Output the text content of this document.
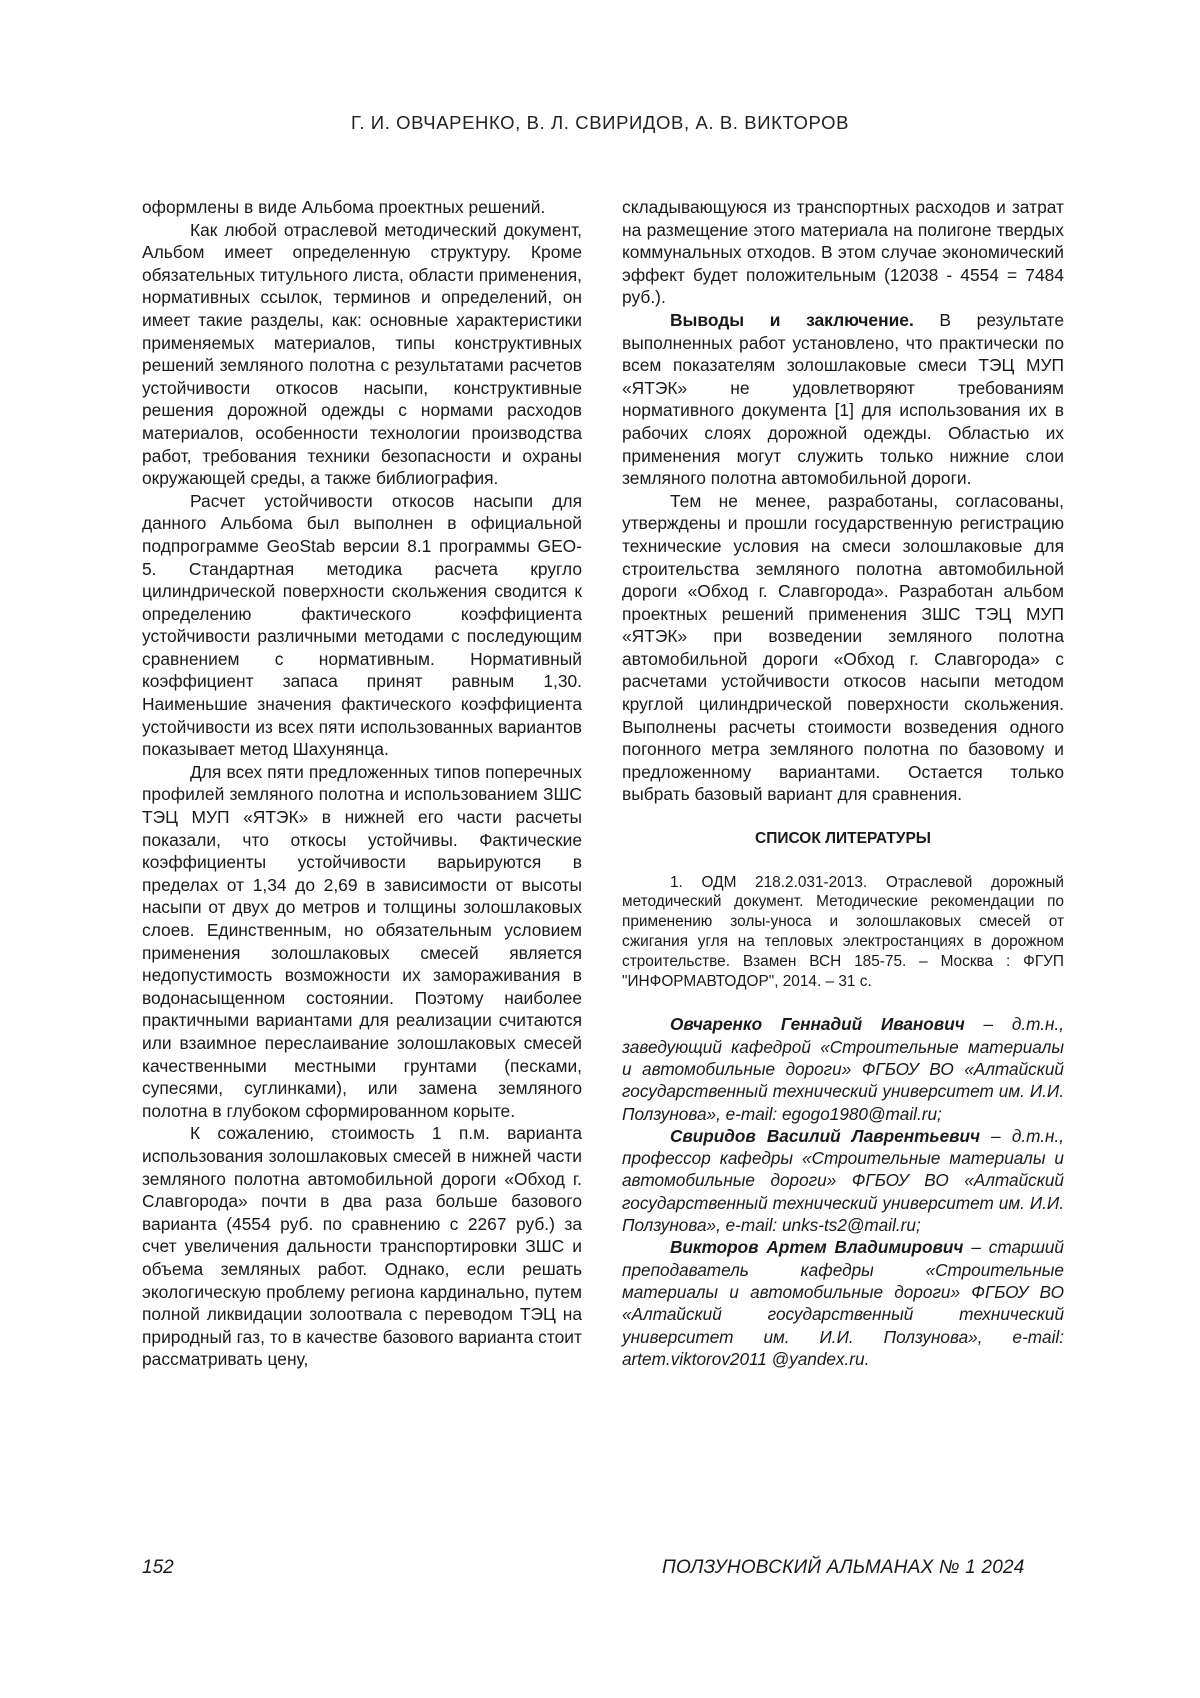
Г. И. ОВЧАРЕНКО, В. Л. СВИРИДОВ, А. В. ВИКТОРОВ

оформлены в виде Альбома проектных решений.

Как любой отраслевой методический документ, Альбом имеет определенную структуру. Кроме обязательных титульного листа, области применения, нормативных ссылок, терминов и определений, он имеет такие разделы, как: основные характеристики применяемых материалов, типы конструктивных решений земляного полотна с результатами расчетов устойчивости откосов насыпи, конструктивные решения дорожной одежды с нормами расходов материалов, особенности технологии производства работ, требования техники безопасности и охраны окружающей среды, а также библиография.

Расчет устойчивости откосов насыпи для данного Альбома был выполнен в официальной подпрограмме GeoStab версии 8.1 программы GEO-5. Стандартная методика расчета кругло цилиндрической поверхности скольжения сводится к определению фактического коэффициента устойчивости различными методами с последующим сравнением с нормативным. Нормативный коэффициент запаса принят равным 1,30. Наименьшие значения фактического коэффициента устойчивости из всех пяти использованных вариантов показывает метод Шахунянца.

Для всех пяти предложенных типов поперечных профилей земляного полотна и использованием ЗШС ТЭЦ МУП «ЯТЭК» в нижней его части расчеты показали, что откосы устойчивы. Фактические коэффициенты устойчивости варьируются в пределах от 1,34 до 2,69 в зависимости от высоты насыпи от двух до метров и толщины золошлаковых слоев. Единственным, но обязательным условием применения золошлаковых смесей является недопустимость возможности их замораживания в водонасыщенном состоянии. Поэтому наиболее практичными вариантами для реализации считаются или взаимное переслаивание золошлаковых смесей качественными местными грунтами (песками, супесями, суглинками), или замена земляного полотна в глубоком сформированном корыте.

К сожалению, стоимость 1 п.м. варианта использования золошлаковых смесей в нижней части земляного полотна автомобильной дороги «Обход г. Славгорода» почти в два раза больше базового варианта (4554 руб. по сравнению с 2267 руб.) за счет увеличения дальности транспортировки ЗШС и объема земляных работ. Однако, если решать экологическую проблему региона кардинально, путем полной ликвидации золоотвала с переводом ТЭЦ на природный газ, то в качестве базового варианта стоит рассматривать цену,

складывающуюся из транспортных расходов и затрат на размещение этого материала на полигоне твердых коммунальных отходов. В этом случае экономический эффект будет положительным (12038 - 4554 = 7484 руб.).

Выводы и заключение. В результате выполненных работ установлено, что практически по всем показателям золошлаковые смеси ТЭЦ МУП «ЯТЭК» не удовлетворяют требованиям нормативного документа [1] для использования их в рабочих слоях дорожной одежды. Областью их применения могут служить только нижние слои земляного полотна автомобильной дороги.

Тем не менее, разработаны, согласованы, утверждены и прошли государственную регистрацию технические условия на смеси золошлаковые для строительства земляного полотна автомобильной дороги «Обход г. Славгорода». Разработан альбом проектных решений применения ЗШС ТЭЦ МУП «ЯТЭК» при возведении земляного полотна автомобильной дороги «Обход г. Славгорода» с расчетами устойчивости откосов насыпи методом круглой цилиндрической поверхности скольжения. Выполнены расчеты стоимости возведения одного погонного метра земляного полотна по базовому и предложенному вариантами. Остается только выбрать базовый вариант для сравнения.

СПИСОК ЛИТЕРАТУРЫ

1. ОДМ 218.2.031-2013. Отраслевой дорожный методический документ. Методические рекомендации по применению золы-уноса и золошлаковых смесей от сжигания угля на тепловых электростанциях в дорожном строительстве. Взамен ВСН 185-75. – Москва : ФГУП "ИНФОРМАВТОДОР", 2014. – 31 с.

Овчаренко Геннадий Иванович – д.т.н., заведующий кафедрой «Строительные материалы и автомобильные дороги» ФГБОУ ВО «Алтайский государственный технический университет им. И.И. Ползунова», e-mail: egogo1980@mail.ru;

Свиридов Василий Лаврентьевич – д.т.н., профессор кафедры «Строительные материалы и автомобильные дороги» ФГБОУ ВО «Алтайский государственный технический университет им. И.И. Ползунова», e-mail: unks-ts2@mail.ru;

Викторов Артем Владимирович – старший преподаватель кафедры «Строительные материалы и автомобильные дороги» ФГБОУ ВО «Алтайский государственный технический университет им. И.И. Ползунова», e-mail: artem.viktorov2011 @yandex.ru.

152	ПОЛЗУНОВСКИЙ АЛЬМАНАХ № 1 2024
